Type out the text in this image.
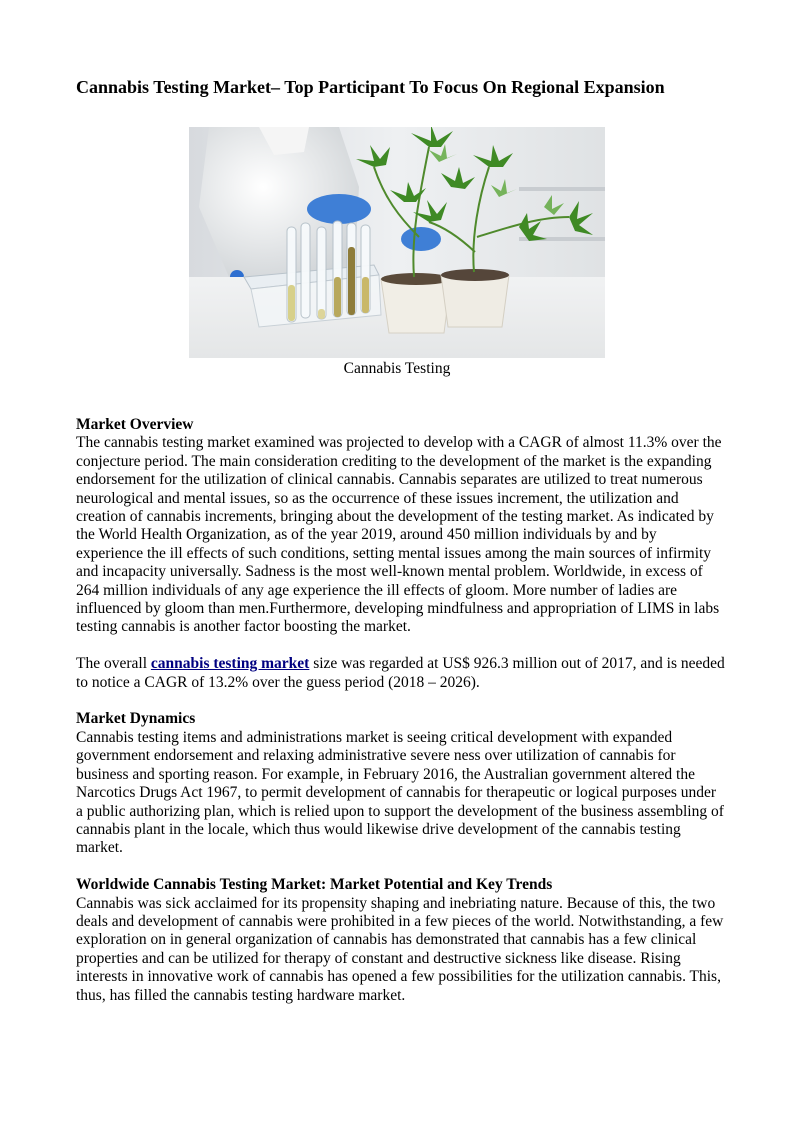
Cannabis Testing Market– Top Participant To Focus On Regional Expansion
Cannabis Testing
Market Overview

The cannabis testing market examined was projected to develop with a CAGR of almost 11.3% over the conjecture period. The main consideration crediting to the development of the market is the expanding endorsement for the utilization of clinical cannabis. Cannabis separates are utilized to treat numerous neurological and mental issues, so as the occurrence of these issues increment, the utilization and creation of cannabis increments, bringing about the development of the testing market. As indicated by the World Health Organization, as of the year 2019, around 450 million individuals by and by experience the ill effects of such conditions, setting mental issues among the main sources of infirmity and incapacity universally. Sadness is the most well-known mental problem. Worldwide, in excess of 264 million individuals of any age experience the ill effects of gloom. More number of ladies are influenced by gloom than men.Furthermore, developing mindfulness and appropriation of LIMS in labs testing cannabis is another factor boosting the market.

The overall cannabis testing market size was regarded at US$ 926.3 million out of 2017, and is needed to notice a CAGR of 13.2% over the guess period (2018 – 2026).

Market Dynamics

Cannabis testing items and administrations market is seeing critical development with expanded government endorsement and relaxing administrative severe ness over utilization of cannabis for business and sporting reason. For example, in February 2016, the Australian government altered the Narcotics Drugs Act 1967, to permit development of cannabis for therapeutic or logical purposes under a public authorizing plan, which is relied upon to support the development of the business assembling of cannabis plant in the locale, which thus would likewise drive development of the cannabis testing market.

Worldwide Cannabis Testing Market: Market Potential and Key Trends

Cannabis was sick acclaimed for its propensity shaping and inebriating nature. Because of this, the two deals and development of cannabis were prohibited in a few pieces of the world. Notwithstanding, a few exploration on in general organization of cannabis has demonstrated that cannabis has a few clinical properties and can be utilized for therapy of constant and destructive sickness like disease. Rising interests in innovative work of cannabis has opened a few possibilities for the utilization cannabis. This, thus, has filled the cannabis testing hardware market.
